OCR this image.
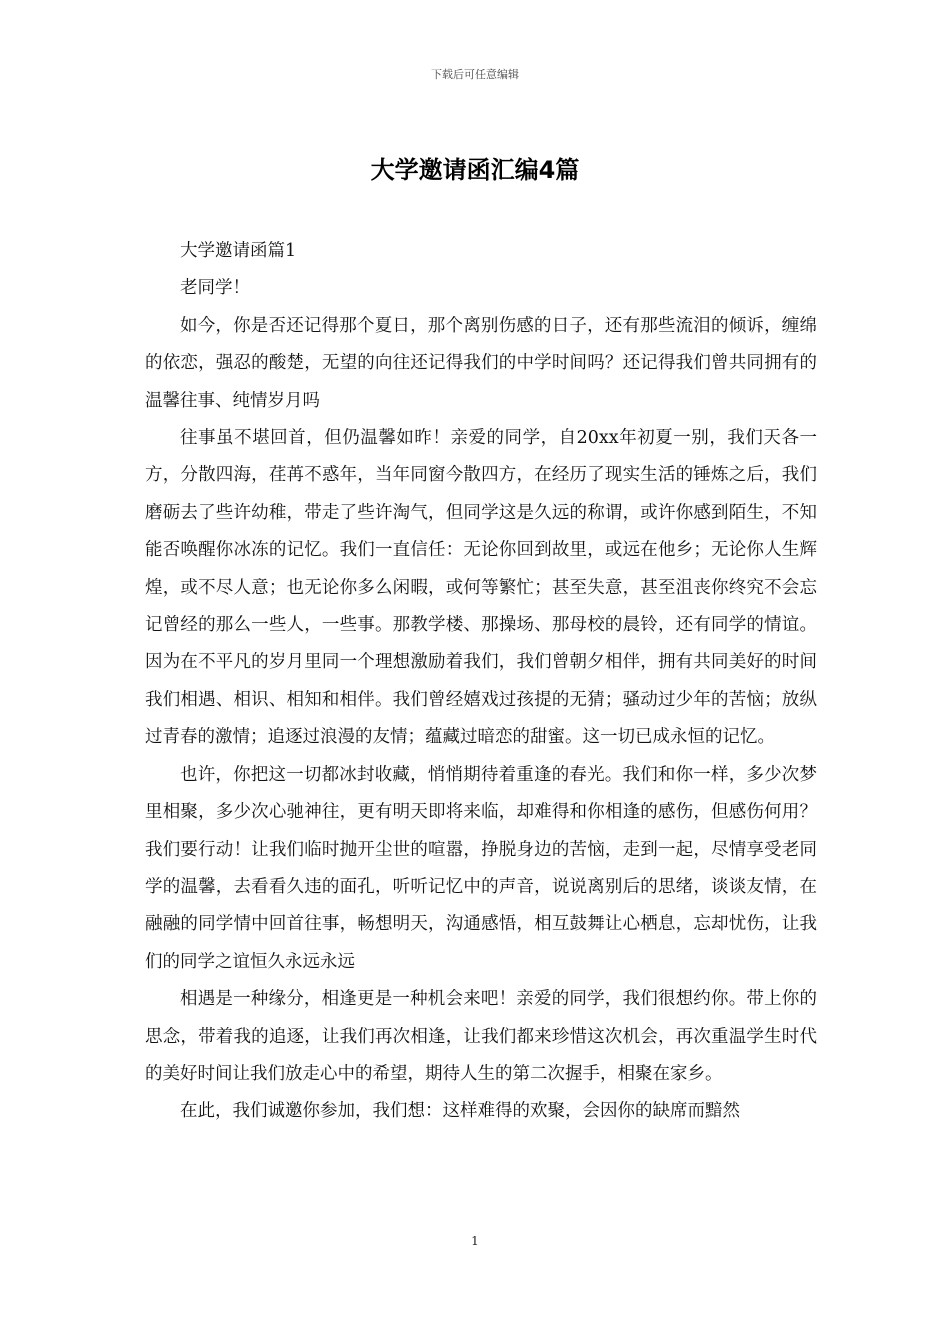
下载后可任意编辑
大学邀请函汇编4篇

大学邀请函篇1

老同学！

如今，你是否还记得那个夏日，那个离别伤感的日子，还有那些流泪的倾诉，缠绵的依恋，强忍的酸楚，无望的向往还记得我们的中学时间吗？还记得我们曾共同拥有的温馨往事、纯情岁月吗

往事虽不堪回首，但仍温馨如昨！亲爱的同学，自20xx年初夏一别，我们天各一方，分散四海，荏苒不惑年，当年同窗今散四方，在经历了现实生活的锤炼之后，我们磨砺去了些许幼稚，带走了些许淘气，但同学这是久远的称谓，或许你感到陌生，不知能否唤醒你冰冻的记忆。我们一直信任：无论你回到故里，或远在他乡；无论你人生辉煌，或不尽人意；也无论你多么闲暇，或何等繁忙；甚至失意，甚至沮丧你终究不会忘记曾经的那么一些人，一些事。那教学楼、那操场、那母校的晨铃，还有同学的情谊。因为在不平凡的岁月里同一个理想激励着我们，我们曾朝夕相伴，拥有共同美好的时间我们相遇、相识、相知和相伴。我们曾经嬉戏过孩提的无猜；骚动过少年的苦恼；放纵过青春的激情；追逐过浪漫的友情；蕴藏过暗恋的甜蜜。这一切已成永恒的记忆。

也许，你把这一切都冰封收藏，悄悄期待着重逢的春光。我们和你一样，多少次梦里相聚，多少次心驰神往，更有明天即将来临，却难得和你相逢的感伤，但感伤何用？我们要行动！让我们临时抛开尘世的喧嚣，挣脱身边的苦恼，走到一起，尽情享受老同学的温馨，去看看久违的面孔，听听记忆中的声音，说说离别后的思绪，谈谈友情，在融融的同学情中回首往事，畅想明天，沟通感悟，相互鼓舞让心栖息，忘却忧伤，让我们的同学之谊恒久永远永远

相遇是一种缘分，相逢更是一种机会来吧！亲爱的同学，我们很想约你。带上你的思念，带着我的追逐，让我们再次相逢，让我们都来珍惜这次机会，再次重温学生时代的美好时间让我们放走心中的希望，期待人生的第二次握手，相聚在家乡。

在此，我们诚邀你参加，我们想：这样难得的欢聚，会因你的缺席而黯然

1
